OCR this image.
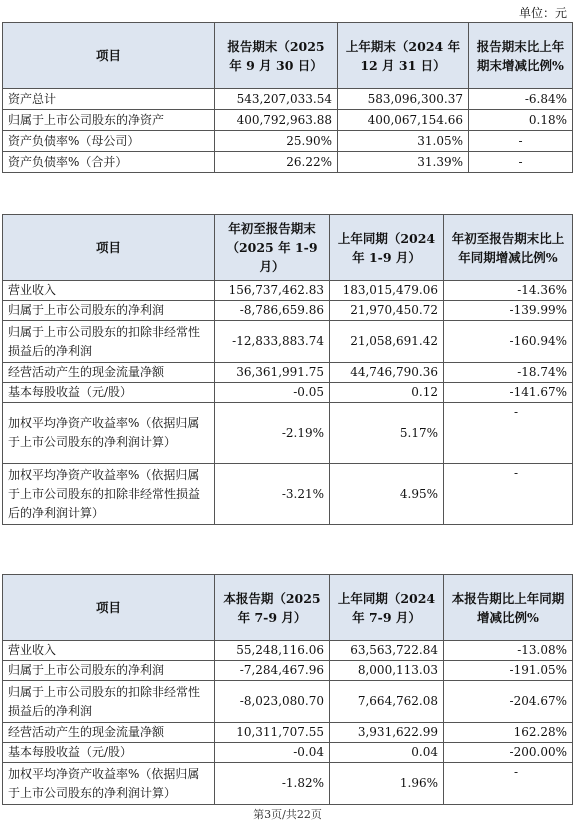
单位：元
项目	报告期末（2025 年 9 月 30 日）	上年期末（2024 年 12 月 31 日）	报告期末比上年期末增减比例%
资产总计	543,207,033.54	583,096,300.37	-6.84%
归属于上市公司股东的净资产	400,792,963.88	400,067,154.66	0.18%
资产负债率%（母公司）	25.90%	31.05%	-
资产负债率%（合并）	26.22%	31.39%	-
项目	年初至报告期末（2025 年 1-9 月）	上年同期（2024 年 1-9 月）	年初至报告期末比上年同期增减比例%
营业收入	156,737,462.83	183,015,479.06	-14.36%
归属于上市公司股东的净利润	-8,786,659.86	21,970,450.72	-139.99%
归属于上市公司股东的扣除非经常性损益后的净利润	-12,833,883.74	21,058,691.42	-160.94%
经营活动产生的现金流量净额	36,361,991.75	44,746,790.36	-18.74%
基本每股收益（元/股）	-0.05	0.12	-141.67%
加权平均净资产收益率%（依据归属于上市公司股东的净利润计算）	-2.19%	5.17%	-
加权平均净资产收益率%（依据归属于上市公司股东的扣除非经常性损益后的净利润计算）	-3.21%	4.95%	-
项目	本报告期（2025 年 7-9 月）	上年同期（2024 年 7-9 月）	本报告期比上年同期增减比例%
营业收入	55,248,116.06	63,563,722.84	-13.08%
归属于上市公司股东的净利润	-7,284,467.96	8,000,113.03	-191.05%
归属于上市公司股东的扣除非经常性损益后的净利润	-8,023,080.70	7,664,762.08	-204.67%
经营活动产生的现金流量净额	10,311,707.55	3,931,622.99	162.28%
基本每股收益（元/股）	-0.04	0.04	-200.00%
加权平均净资产收益率%（依据归属于上市公司股东的净利润计算）	-1.82%	1.96%	-
第3页/共22页
